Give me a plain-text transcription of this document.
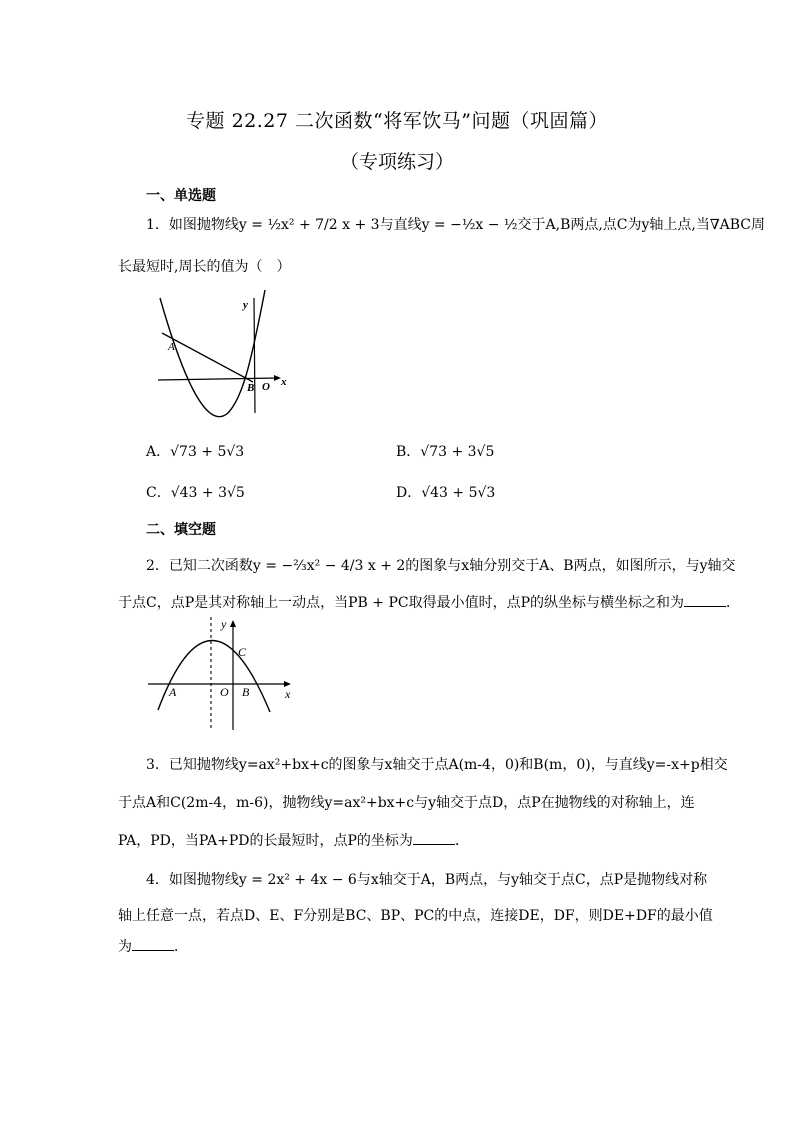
专题 22.27 二次函数“将军饮马”问题（巩固篇）
（专项练习）
一、单选题
1．如图抛物线y = ½x² + 7/2 x + 3与直线y = −½x − ½交于A,B两点,点C为y轴上点,当∇ABC周
长最短时,周长的值为（　）
A
B O x
y
A．√73 + 5√3	B．√73 + 3√5
C．√43 + 3√5	D．√43 + 5√3
二、填空题
2．已知二次函数y = −⅔x² − 4/3 x + 2的图象与x轴分别交于A、B两点，如图所示，与y轴交
于点C，点P是其对称轴上一动点，当PB + PC取得最小值时，点P的纵坐标与横坐标之和为	．
A	O B
C
x
y
3．已知抛物线y=ax²+bx+c的图象与x轴交于点A(m-4，0)和B(m，0)，与直线y=-x+p相交
于点A和C(2m-4，m-6)，抛物线y=ax²+bx+c与y轴交于点D，点P在抛物线的对称轴上，连
PA，PD，当PA+PD的长最短时，点P的坐标为	．
4．如图抛物线y = 2x² + 4x − 6与x轴交于A，B两点，与y轴交于点C，点P是抛物线对称
轴上任意一点，若点D、E、F分别是BC、BP、PC的中点，连接DE，DF，则DE+DF的最小值
为	．
